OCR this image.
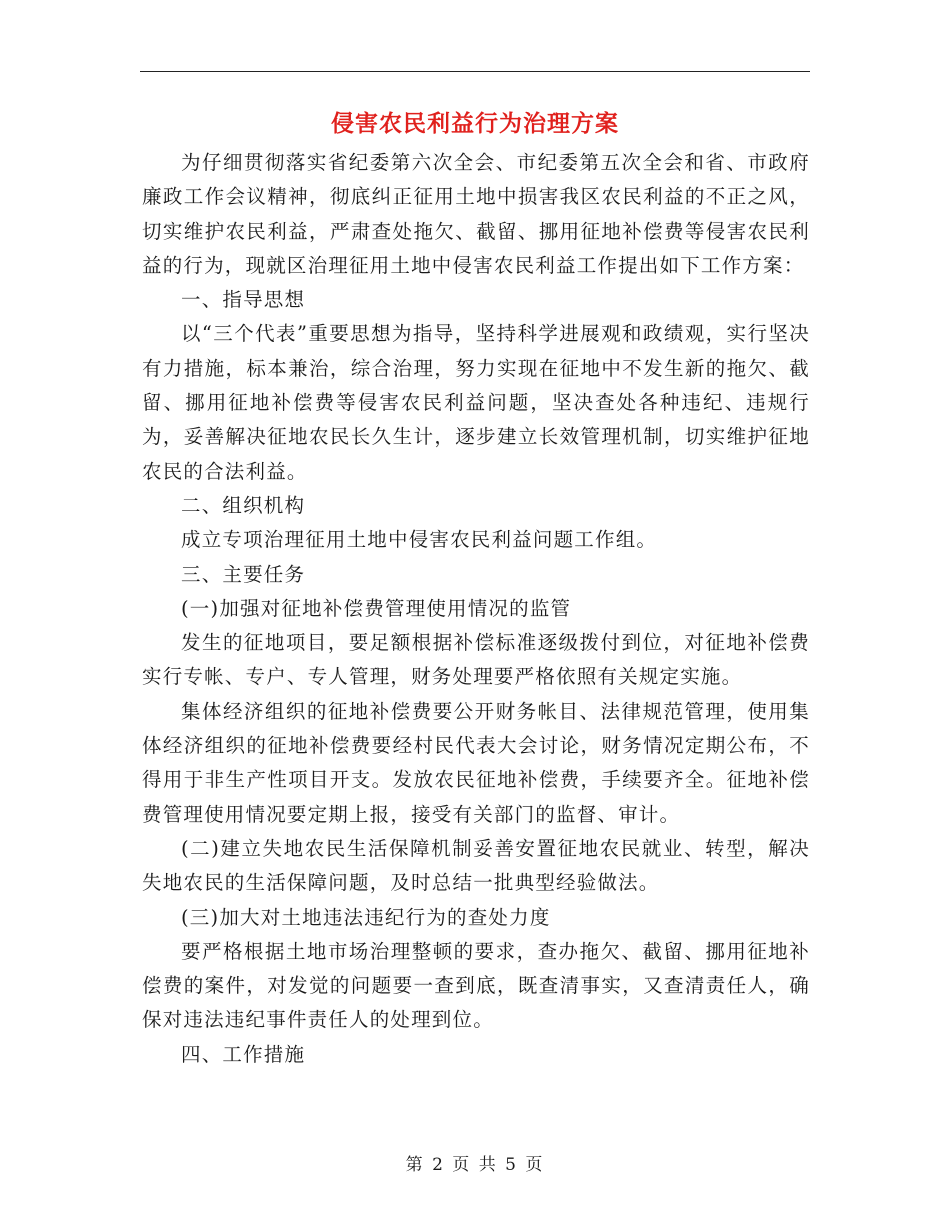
侵害农民利益行为治理方案

为仔细贯彻落实省纪委第六次全会、市纪委第五次全会和省、市政府廉政工作会议精神，彻底纠正征用土地中损害我区农民利益的不正之风，切实维护农民利益，严肃查处拖欠、截留、挪用征地补偿费等侵害农民利益的行为，现就区治理征用土地中侵害农民利益工作提出如下工作方案：

一、指导思想

以“三个代表”重要思想为指导，坚持科学进展观和政绩观，实行坚决有力措施，标本兼治，综合治理，努力实现在征地中不发生新的拖欠、截留、挪用征地补偿费等侵害农民利益问题，坚决查处各种违纪、违规行为，妥善解决征地农民长久生计，逐步建立长效管理机制，切实维护征地农民的合法利益。

二、组织机构

成立专项治理征用土地中侵害农民利益问题工作组。

三、主要任务

(一)加强对征地补偿费管理使用情况的监管

发生的征地项目，要足额根据补偿标准逐级拨付到位，对征地补偿费实行专帐、专户、专人管理，财务处理要严格依照有关规定实施。

集体经济组织的征地补偿费要公开财务帐目、法律规范管理，使用集体经济组织的征地补偿费要经村民代表大会讨论，财务情况定期公布，不得用于非生产性项目开支。发放农民征地补偿费，手续要齐全。征地补偿费管理使用情况要定期上报，接受有关部门的监督、审计。

(二)建立失地农民生活保障机制妥善安置征地农民就业、转型，解决失地农民的生活保障问题，及时总结一批典型经验做法。

(三)加大对土地违法违纪行为的查处力度

要严格根据土地市场治理整顿的要求，查办拖欠、截留、挪用征地补偿费的案件，对发觉的问题要一查到底，既查清事实，又查清责任人，确保对违法违纪事件责任人的处理到位。

四、工作措施

第 2 页 共 5 页
